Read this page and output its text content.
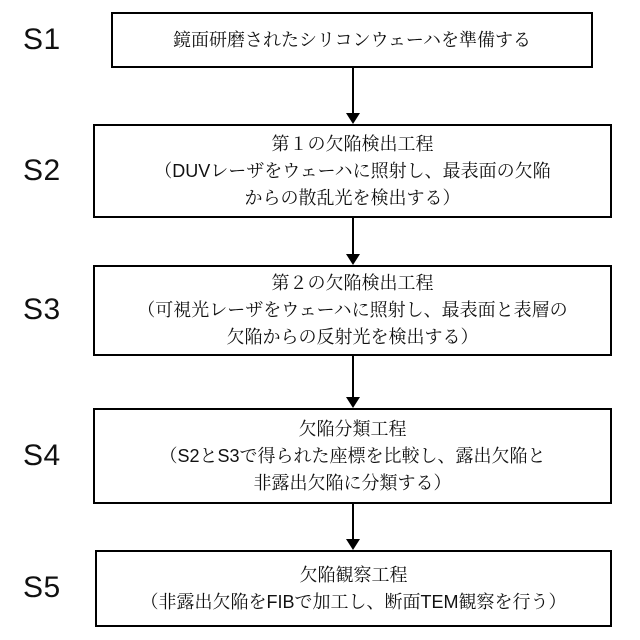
S1
S2
S3
S4
S5
鏡面研磨されたシリコンウェーハを準備する
第１の欠陥検出工程
（DUVレーザをウェーハに照射し、最表面の欠陥
からの散乱光を検出する）
第２の欠陥検出工程
（可視光レーザをウェーハに照射し、最表面と表層の
欠陥からの反射光を検出する）
欠陥分類工程
（S2とS3で得られた座標を比較し、露出欠陥と
非露出欠陥に分類する）
欠陥観察工程
（非露出欠陥をFIBで加工し、断面TEM観察を行う）
